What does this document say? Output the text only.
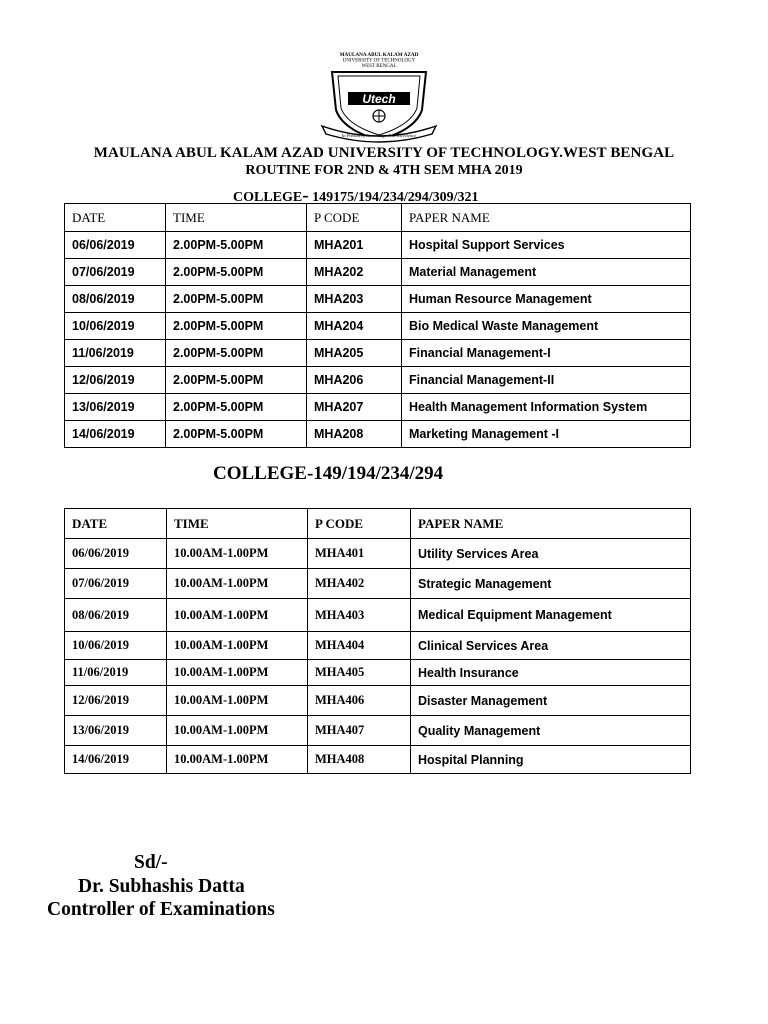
MAULANA ABUL KALAM AZAD
UNIVERSITY OF TECHNOLOGY
WEST BENGAL
Utech
In Pursuit of Knowledge And Excellence
MAULANA ABUL KALAM AZAD UNIVERSITY OF TECHNOLOGY.WEST BENGAL
ROUTINE FOR 2ND & 4TH SEM MHA 2019
COLLEGE- 149175/194/234/294/309/321
DATE	TIME	P CODE	PAPER NAME
06/06/2019	2.00PM-5.00PM	MHA201	Hospital Support Services
07/06/2019	2.00PM-5.00PM	MHA202	Material Management
08/06/2019	2.00PM-5.00PM	MHA203	Human Resource Management
10/06/2019	2.00PM-5.00PM	MHA204	Bio Medical Waste Management
11/06/2019	2.00PM-5.00PM	MHA205	Financial Management-I
12/06/2019	2.00PM-5.00PM	MHA206	Financial Management-II
13/06/2019	2.00PM-5.00PM	MHA207	Health Management Information System
14/06/2019	2.00PM-5.00PM	MHA208	Marketing Management -I
COLLEGE-149/194/234/294
DATE	TIME	P CODE	PAPER NAME
06/06/2019	10.00AM-1.00PM	MHA401	Utility Services Area
07/06/2019	10.00AM-1.00PM	MHA402	Strategic Management
08/06/2019	10.00AM-1.00PM	MHA403	Medical Equipment Management
10/06/2019	10.00AM-1.00PM	MHA404	Clinical Services Area
11/06/2019	10.00AM-1.00PM	MHA405	Health Insurance
12/06/2019	10.00AM-1.00PM	MHA406	Disaster Management
13/06/2019	10.00AM-1.00PM	MHA407	Quality Management
14/06/2019	10.00AM-1.00PM	MHA408	Hospital Planning
Sd/-
Dr. Subhashis Datta
Controller of Examinations
